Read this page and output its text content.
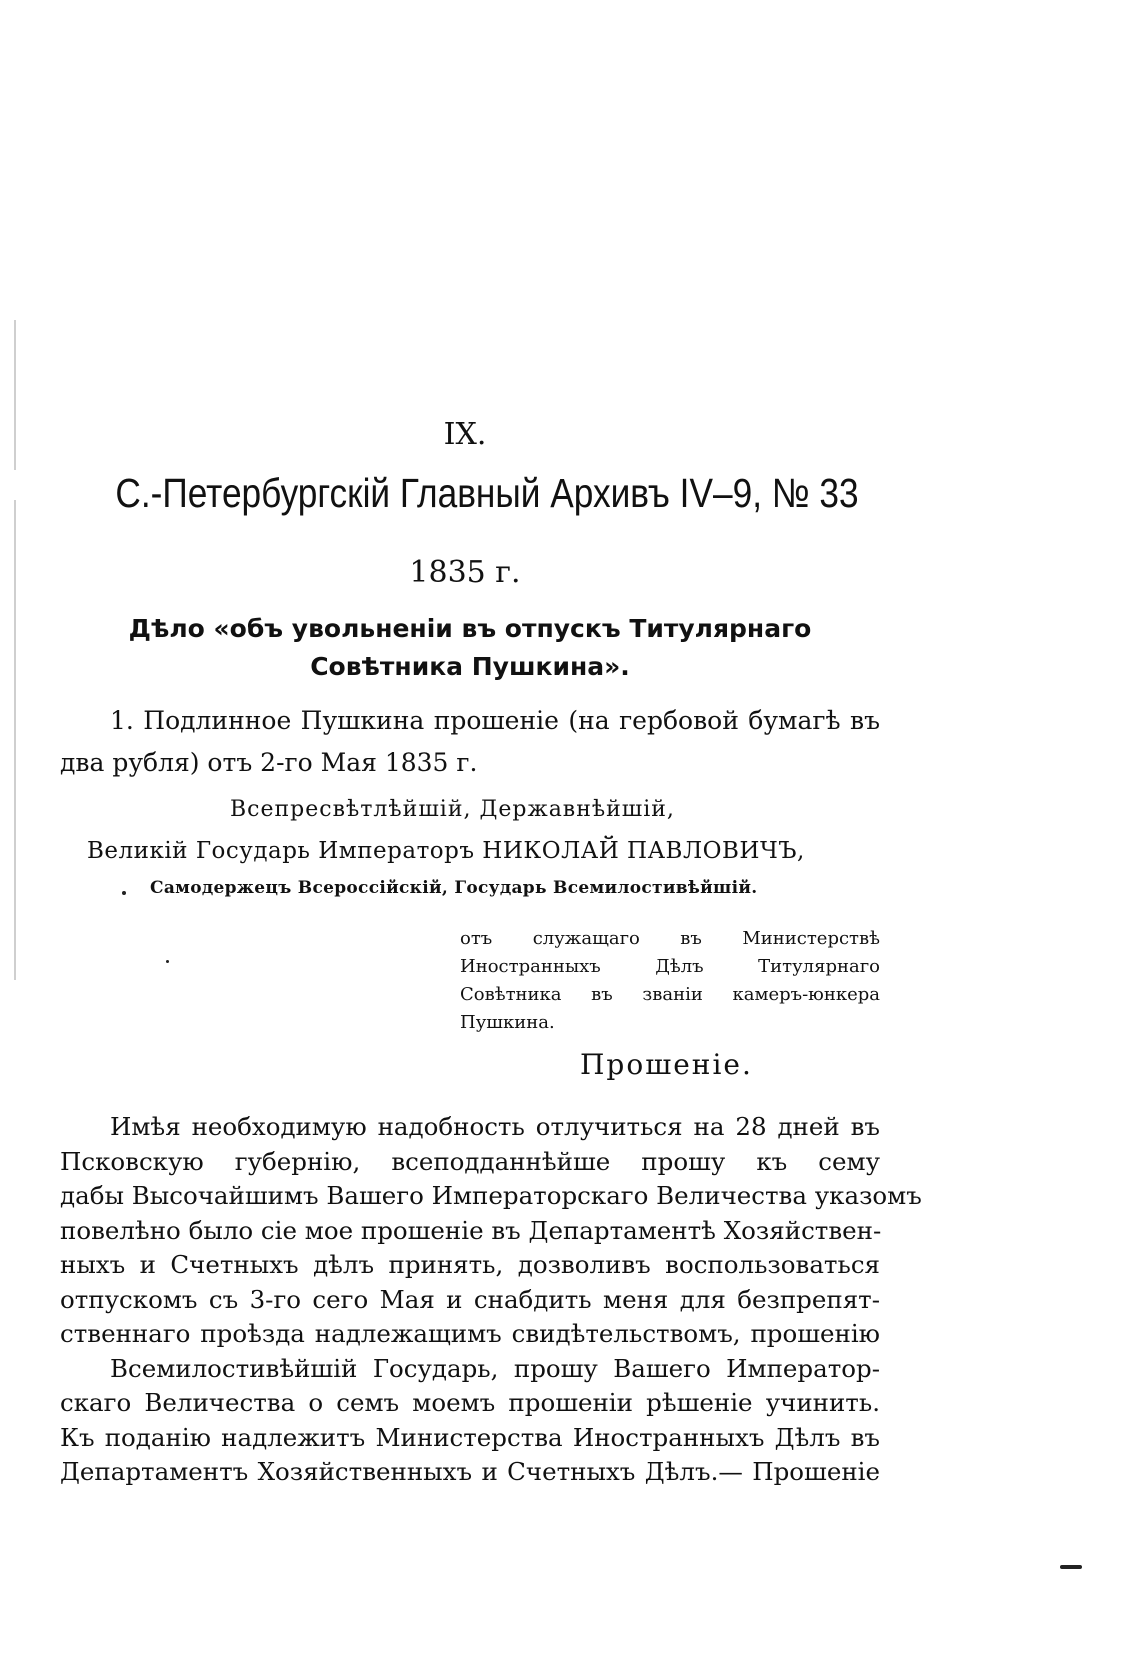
IX.
С.-Петербургскій Главный Архивъ IV–9, № 33
1835 г.
Дѣло «объ увольненіи въ отпускъ Титулярнаго Совѣтника Пушкина».
1. Подлинное Пушкина прошеніе (на гербовой бумагѣ въ два рубля) отъ 2-го Мая 1835 г.
Всепресвѣтлѣйшій, Державнѣйшій,
Великій Государь Императоръ НИКОЛАЙ ПАВЛОВИЧЪ,
Самодержецъ Всероссійскій, Государь Всемилостивѣйшій.
отъ служащаго въ Министерствѣ Иностранныхъ Дѣлъ Титулярнаго Совѣтника въ званіи камеръ-юнкера Пушкина.
Прошеніе.
Имѣя необходимую надобность отлучиться на 28 дней въ
Псковскую губернію, всеподданнѣйше прошу къ сему
дабы Высочайшимъ Вашего Императорскаго Величества указомъ
повелѣно было сіе мое прошеніе въ Департаментѣ Хозяйствен-
ныхъ и Счетныхъ дѣлъ принять, дозволивъ воспользоваться
отпускомъ съ 3-го сего Мая и снабдить меня для безпрепят-
ственнаго проѣзда надлежащимъ свидѣтельствомъ, прошенію
Всемилостивѣйшій Государь, прошу Вашего Император-
скаго Величества о семъ моемъ прошеніи рѣшеніе учинить.
Къ поданію надлежитъ Министерства Иностранныхъ Дѣлъ въ
Департаментъ Хозяйственныхъ и Счетныхъ Дѣлъ.— Прошеніе
